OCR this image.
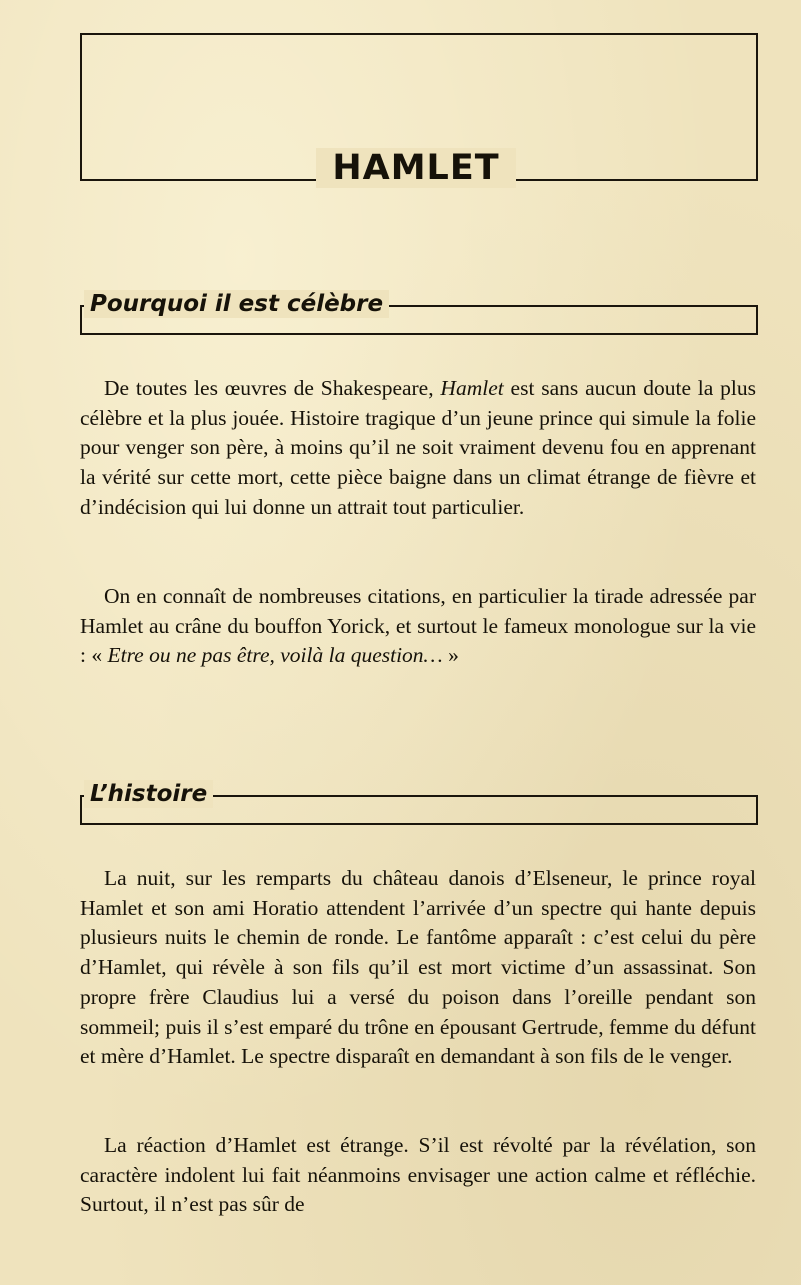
HAMLET
Pourquoi il est célèbre

De toutes les œuvres de Shakespeare, Hamlet est sans aucun doute la plus célèbre et la plus jouée. Histoire tragique d’un jeune prince qui simule la folie pour venger son père, à moins qu’il ne soit vraiment devenu fou en apprenant la vérité sur cette mort, cette pièce baigne dans un climat étrange de fièvre et d’indécision qui lui donne un attrait tout particulier.

On en connaît de nombreuses citations, en particulier la tirade adressée par Hamlet au crâne du bouffon Yorick, et surtout le fameux monologue sur la vie : « Etre ou ne pas être, voilà la question… »

L’histoire

La nuit, sur les remparts du château danois d’Elseneur, le prince royal Hamlet et son ami Horatio attendent l’arrivée d’un spectre qui hante depuis plusieurs nuits le chemin de ronde. Le fantôme apparaît : c’est celui du père d’Hamlet, qui révèle à son fils qu’il est mort victime d’un assassinat. Son propre frère Claudius lui a versé du poison dans l’oreille pendant son sommeil; puis il s’est emparé du trône en épousant Gertrude, femme du défunt et mère d’Hamlet. Le spectre disparaît en demandant à son fils de le venger.

La réaction d’Hamlet est étrange. S’il est révolté par la révélation, son caractère indolent lui fait néanmoins envisager une action calme et réfléchie. Surtout, il n’est pas sûr de
